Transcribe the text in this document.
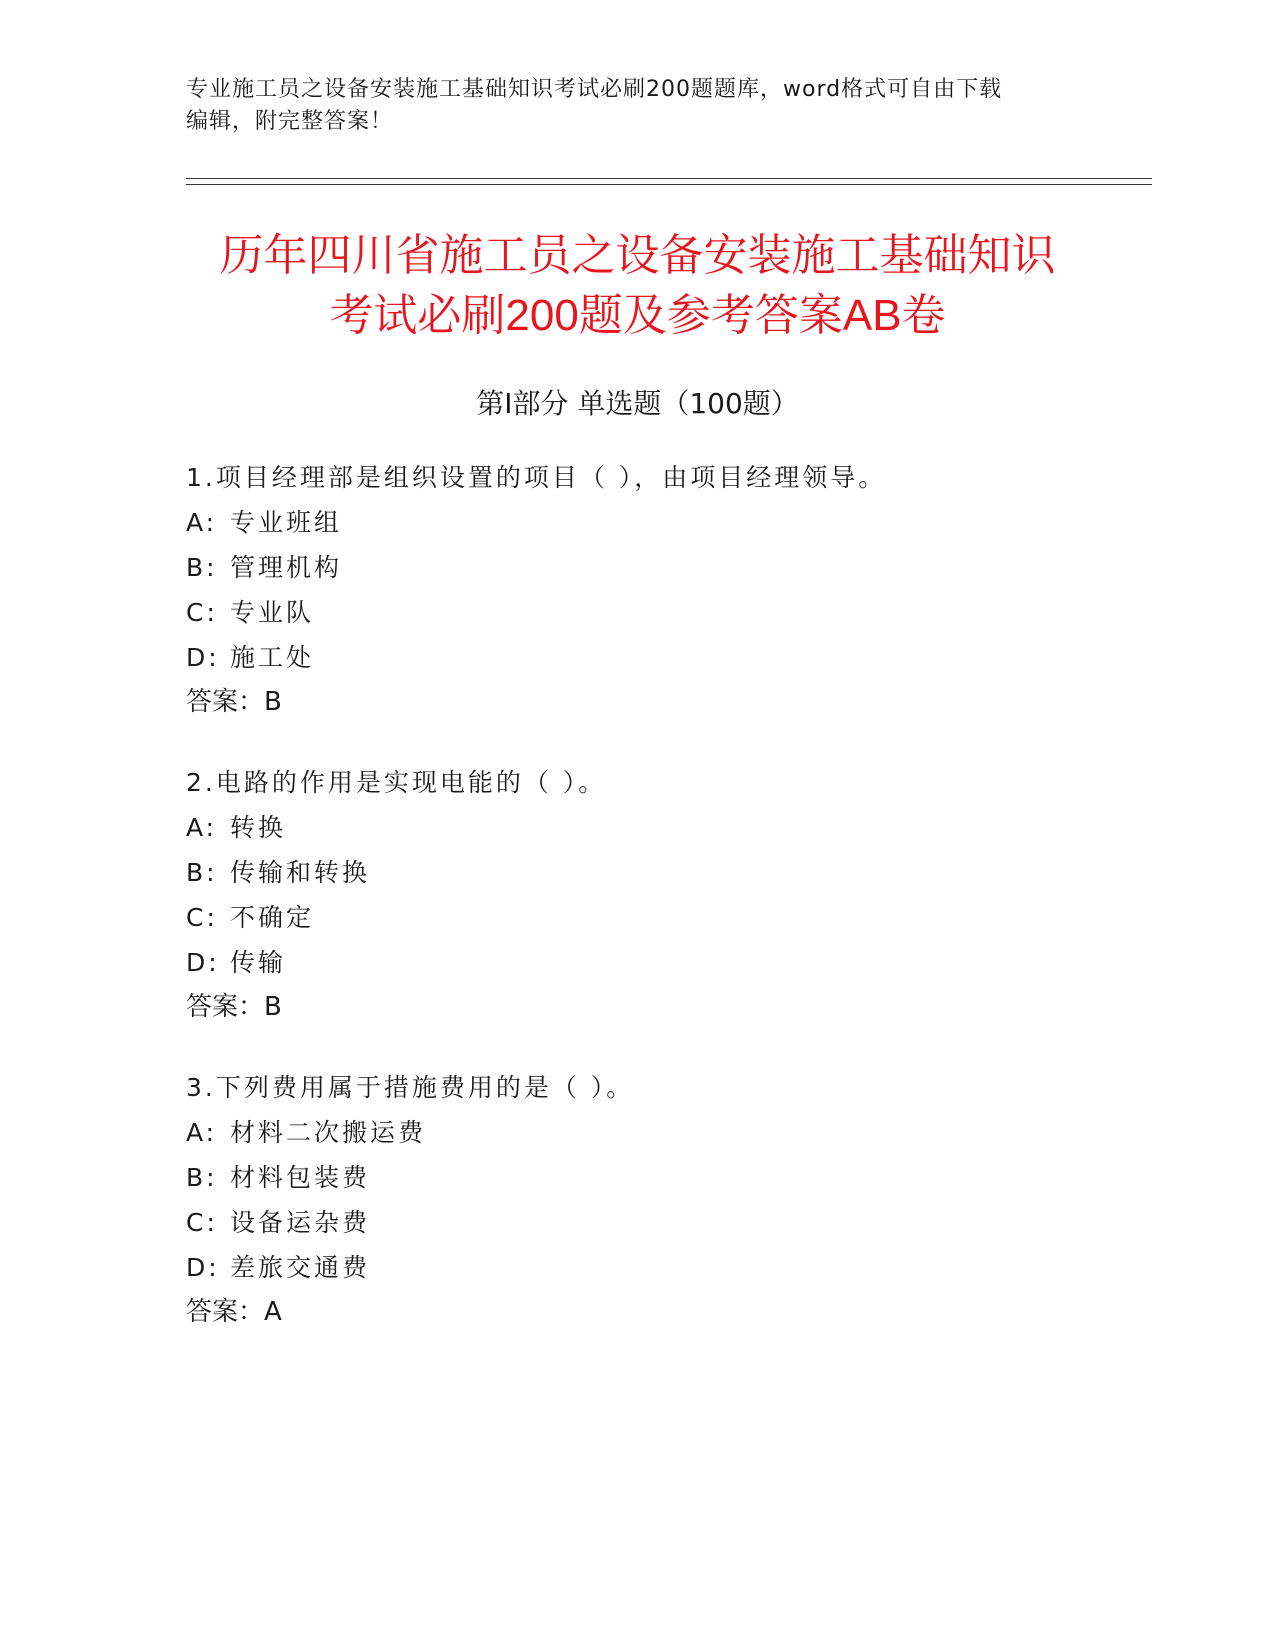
专业施工员之设备安装施工基础知识考试必刷200题题库，word格式可自由下载
编辑，附完整答案！
历年四川省施工员之设备安装施工基础知识
考试必刷200题及参考答案AB卷
第Ⅰ部分 单选题（100题）
1.项目经理部是组织设置的项目（ ），由项目经理领导。
A: 专业班组
B: 管理机构
C: 专业队
D: 施工处
答案：B
2.电路的作用是实现电能的（ ）。
A: 转换
B: 传输和转换
C: 不确定
D: 传输
答案：B
3.下列费用属于措施费用的是（ ）。
A: 材料二次搬运费
B: 材料包装费
C: 设备运杂费
D: 差旅交通费
答案：A
